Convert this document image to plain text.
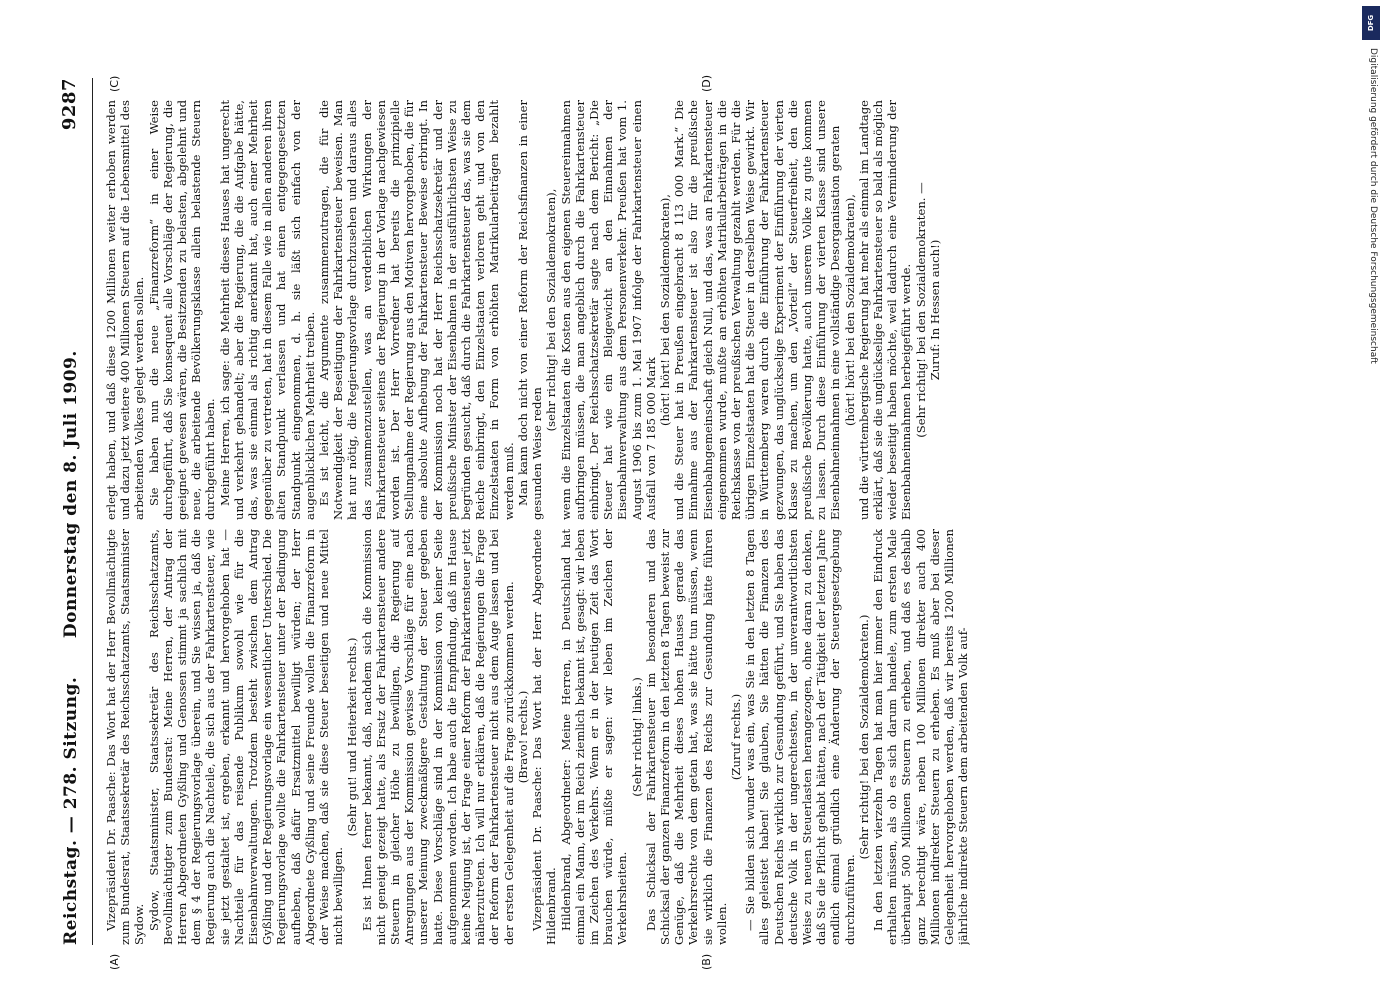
Reichstag. — 278. Sitzung.
Donnerstag den 8. Juli 1909.
9287
(A)	(B)
(C)	(D)

Vizepräsident Dr. Paasche: Das Wort hat der Herr Bevollmächtigte zum Bundesrat, Staatssekretär des Reichsschatzamts, Staatsminister Sydow. Sydow, Staatsminister, Staatssekretär des Reichsschatzamts, Bevollmächtigter zum Bundesrat: Meine Herren, der Antrag der Herren Abgeordneten Gyßling und Genossen stimmt ja sachlich mit dem § 4 der Regierungsvorlage überein, und Sie wissen ja, daß die Regierung auch die Nachteile, die sich aus der Fahrkartensteuer, wie sie jetzt gestaltet ist, ergeben, erkannt und hervorgehoben hat — Nachteile für das reisende Publikum sowohl wie für die Eisenbahnverwaltungen. Trotzdem besteht zwischen dem Antrag Gyßling und der Regierungsvorlage ein wesentlicher Unterschied. Die Regierungsvorlage wollte die Fahrkartensteuer unter der Bedingung aufheben, daß dafür Ersatzmittel bewilligt würden; der Herr Abgeordnete Gyßling und seine Freunde wollen die Finanzreform in der Weise machen, daß sie diese Steuer beseitigen und neue Mittel nicht bewilligen.

(Sehr gut! und Heiterkeit rechts.) Es ist Ihnen ferner bekannt, daß, nachdem sich die Kommission nicht geneigt gezeigt hatte, als Ersatz der Fahrkartensteuer andere Steuern in gleicher Höhe zu bewilligen, die Regierung auf Anregungen aus der Kommission gewisse Vorschläge für eine nach unserer Meinung zweckmäßigere Gestaltung der Steuer gegeben hatte. Diese Vorschläge sind in der Kommission von keiner Seite aufgenommen worden. Ich habe auch die Empfindung, daß im Hause keine Neigung ist, der Frage einer Reform der Fahrkartensteuer jetzt näherzutreten. Ich will nur erklären, daß die Regierungen die Frage der Reform der Fahrkartensteuer nicht aus dem Auge lassen und bei der ersten Gelegenheit auf die Frage zurückkommen werden. (Bravo! rechts.) Vizepräsident Dr. Paasche: Das Wort hat der Herr Abgeordnete Hildenbrand. Hildenbrand, Abgeordneter: Meine Herren, in Deutschland hat einmal ein Mann, der im Reich ziemlich bekannt ist, gesagt: wir leben im Zeichen des Verkehrs. Wenn er in der heutigen Zeit das Wort brauchen würde, müßte er sagen: wir leben im Zeichen der Verkehrsheiten.

(Sehr richtig! links.) Das Schicksal der Fahrkartensteuer im besonderen und das Schicksal der ganzen Finanzreform in den letzten 8 Tagen beweist zur Genüge, daß die Mehrheit dieses hohen Hauses gerade das Verkehrsrechte von dem getan hat, was sie hätte tun müssen, wenn sie wirklich die Finanzen des Reichs zur Gesundung hätte führen wollen.

(Zuruf rechts.) — Sie bilden sich wunder was ein, was Sie in den letzten 8 Tagen alles geleistet haben! Sie glauben, Sie hätten die Finanzen des Deutschen Reichs wirklich zur Gesundung geführt, und Sie haben das deutsche Volk in der ungerechtesten, in der unverantwortlichsten Weise zu neuen Steuerlasten herangezogen, ohne daran zu denken, daß Sie die Pflicht gehabt hätten, nach der Tätigkeit der letzten Jahre endlich einmal gründlich eine Änderung der Steuergesetzgebung durchzuführen.

(Sehr richtig! bei den Sozialdemokraten.) In den letzten vierzehn Tagen hat man hier immer den Eindruck erhalten müssen, als ob es sich darum handele, zum ersten Male überhaupt 500 Millionen Steuern zu erheben, und daß es deshalb ganz berechtigt wäre, neben 100 Millionen direkter auch 400 Millionen indirekter Steuern zu erheben. Es muß aber bei dieser Gelegenheit hervorgehoben werden, daß wir bereits 1200 Millionen jährliche indirekte Steuern dem arbeitenden Volk auf-

erlegt haben, und daß diese 1200 Millionen weiter erhoben werden und dazu jetzt weitere 400 Millionen Steuern auf die Lebensmittel des arbeitenden Volkes gelegt werden sollen. Sie haben nun die neue „Finanzreform“ in einer Weise durchgeführt, daß Sie konsequent alle Vorschläge der Regierung, die geeignet gewesen wären, die Besitzenden zu belasten, abgelehnt und neue, die arbeitende Bevölkerungsklasse allein belastende Steuern durchgeführt haben. Meine Herren, ich sage: die Mehrheit dieses Hauses hat ungerecht und verkehrt gehandelt; aber die Regierung, die die Aufgabe hätte, das, was sie einmal als richtig anerkannt hat, auch einer Mehrheit gegenüber zu vertreten, hat in diesem Falle wie in allen anderen ihren alten Standpunkt verlassen und hat einen entgegengesetzten Standpunkt eingenommen, d. h. sie läßt sich einfach von der augenblicklichen Mehrheit treiben. Es ist leicht, die Argumente zusammenzutragen, die für die Notwendigkeit der Beseitigung der Fahrkartensteuer beweisen. Man hat nur nötig, die Regierungsvorlage durchzusehen und daraus alles das zusammenzustellen, was an verderblichen Wirkungen der Fahrkartensteuer seitens der Regierung in der Vorlage nachgewiesen worden ist. Der Herr Vorredner hat bereits die prinzipielle Stellungnahme der Regierung aus den Motiven hervorgehoben, die für eine absolute Aufhebung der Fahrkartensteuer Beweise erbringt. In der Kommission noch hat der Herr Reichsschatzsekretär und der preußische Minister der Eisenbahnen in der ausführlichsten Weise zu begründen gesucht, daß durch die Fahrkartensteuer das, was sie dem Reiche einbringt, den Einzelstaaten verloren geht und von den Einzelstaaten in Form von erhöhten Matrikularbeiträgen bezahlt werden muß. Man kann doch nicht von einer Reform der Reichsfinanzen in einer gesunden Weise reden

(sehr richtig! bei den Sozialdemokraten), wenn die Einzelstaaten die Kosten aus den eigenen Steuereinnahmen aufbringen müssen, die man angeblich durch die Fahrkartensteuer einbringt. Der Reichsschatzsekretär sagte nach dem Bericht: „Die Steuer hat wie ein Bleigewicht an den Einnahmen der Eisenbahnverwaltung aus dem Personenverkehr. Preußen hat vom 1. August 1906 bis zum 1. Mai 1907 infolge der Fahrkartensteuer einen Ausfall von 7 185 000 Mark

(hört! hört! bei den Sozialdemokraten), und die Steuer hat in Preußen eingebracht 8 113 000 Mark.“ Die Einnahme aus der Fahrkartensteuer ist also für die preußische Eisenbahngemeinschaft gleich Null, und das, was an Fahrkartensteuer eingenommen wurde, mußte an erhöhten Matrikularbeiträgen in die Reichskasse von der preußischen Verwaltung gezahlt werden. Für die übrigen Einzelstaaten hat die Steuer in derselben Weise gewirkt. Wir in Württemberg waren durch die Einführung der Fahrkartensteuer gezwungen, das unglückselige Experiment der Einführung der vierten Klasse zu machen, um den „Vorteil“ der Steuerfreiheit, den die preußische Bevölkerung hatte, auch unserem Volke zu gute kommen zu lassen. Durch diese Einführung der vierten Klasse sind unsere Eisenbahneinnahmen in eine vollständige Desorganisation geraten (hört! hört! bei den Sozialdemokraten), und die württembergische Regierung hat mehr als einmal im Landtage erklärt, daß sie die unglückselige Fahrkartensteuer so bald als möglich wieder beseitigt haben möchte, weil dadurch eine Verminderung der Eisenbahneinnahmen herbeigeführt werde. (Sehr richtig! bei den Sozialdemokraten. — Zuruf: In Hessen auch!)

DFG
Digitalisierung gefördert durch die Deutsche Forschungsgemeinschaft
